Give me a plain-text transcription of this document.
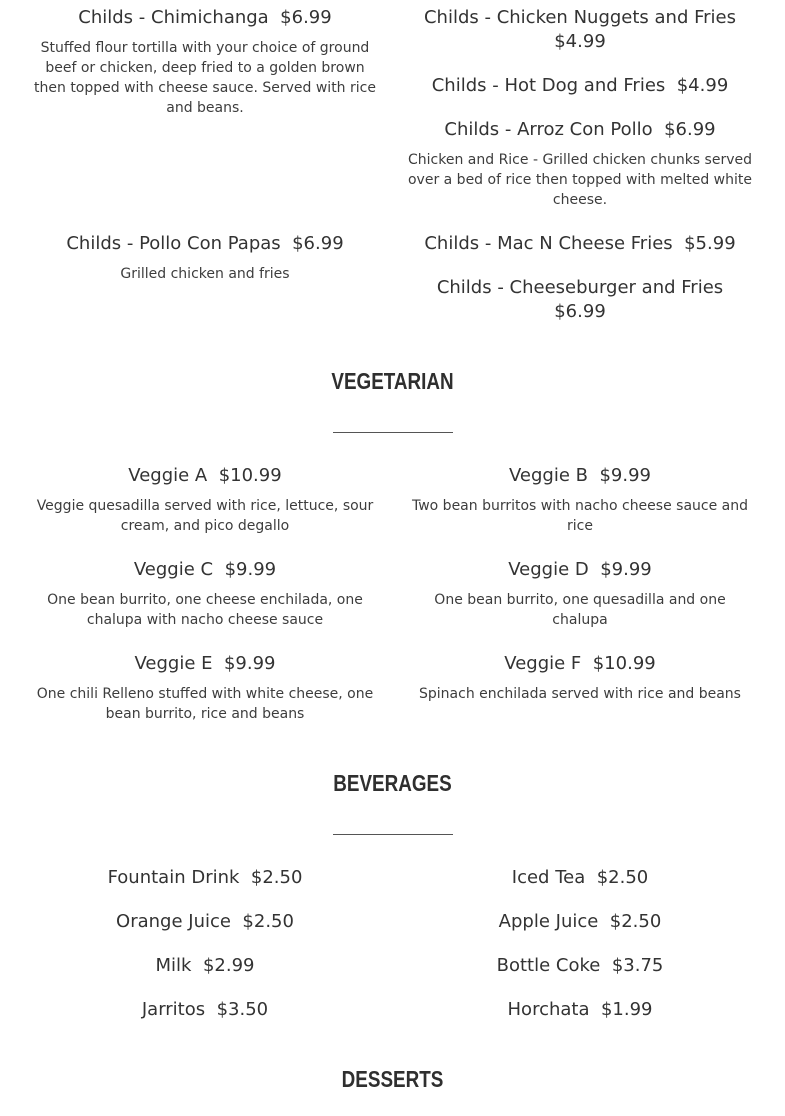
Childs - Chimichanga $6.99
Stuffed flour tortilla with your choice of ground beef or chicken, deep fried to a golden brown then topped with cheese sauce. Served with rice and beans.
Childs - Chicken Nuggets and Fries
$4.99
Childs - Hot Dog and Fries $4.99
Childs - Arroz Con Pollo $6.99
Chicken and Rice - Grilled chicken chunks served over a bed of rice then topped with melted white cheese.
Childs - Pollo Con Papas $6.99
Grilled chicken and fries
Childs - Mac N Cheese Fries $5.99
Childs - Cheeseburger and Fries
$6.99
VEGETARIAN
Veggie A $10.99
Veggie quesadilla served with rice, lettuce, sour cream, and pico degallo
Veggie B $9.99
Two bean burritos with nacho cheese sauce and rice
Veggie C $9.99
One bean burrito, one cheese enchilada, one chalupa with nacho cheese sauce
Veggie D $9.99
One bean burrito, one quesadilla and one chalupa
Veggie E $9.99
One chili Relleno stuffed with white cheese, one bean burrito, rice and beans
Veggie F $10.99
Spinach enchilada served with rice and beans
BEVERAGES
Fountain Drink $2.50	Iced Tea $2.50
Orange Juice $2.50	Apple Juice $2.50
Milk $2.99	Bottle Coke $3.75
Jarritos $3.50	Horchata $1.99
DESSERTS
